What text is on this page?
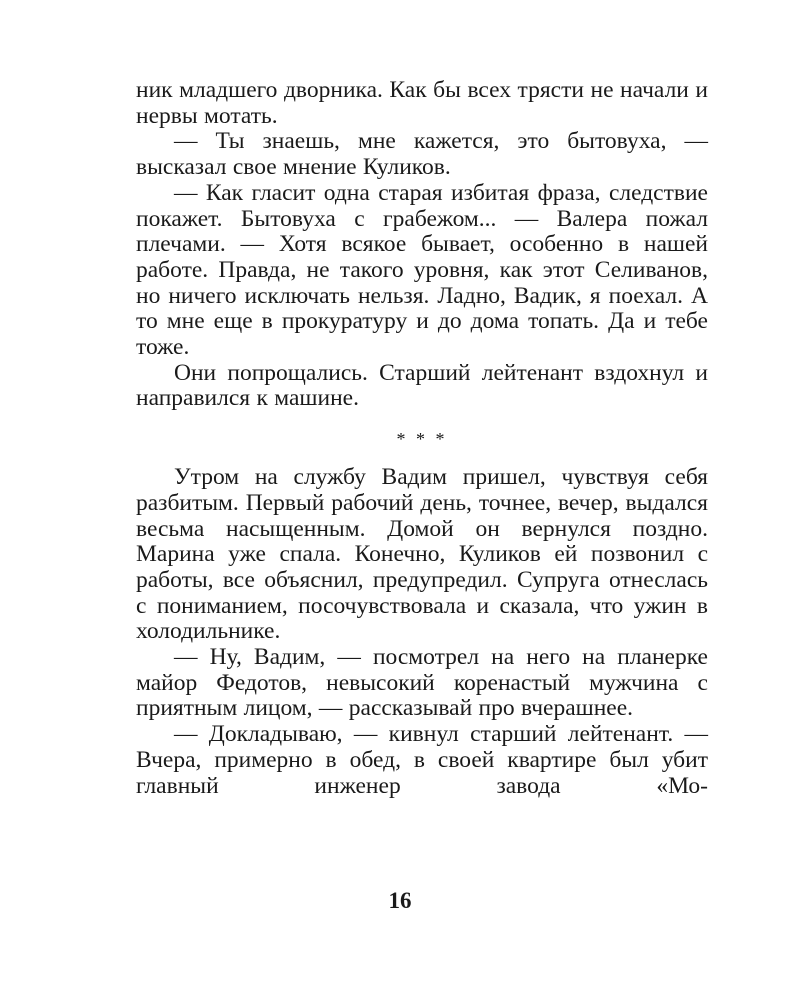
ник младшего дворника. Как бы всех трясти не начали и нервы мотать.

— Ты знаешь, мне кажется, это бытовуха, — высказал свое мнение Куликов.

— Как гласит одна старая избитая фраза, следствие покажет. Бытовуха с грабежом... — Валера пожал плечами. — Хотя всякое бывает, особенно в нашей работе. Правда, не такого уровня, как этот Селиванов, но ничего исключать нельзя. Ладно, Вадик, я поехал. А то мне еще в прокуратуру и до дома топать. Да и тебе тоже.

Они попрощались. Старший лейтенант вздохнул и направился к машине.

* * *

Утром на службу Вадим пришел, чувствуя себя разбитым. Первый рабочий день, точнее, вечер, выдался весьма насыщенным. Домой он вернулся поздно. Марина уже спала. Конечно, Куликов ей позвонил с работы, все объяснил, предупредил. Супруга отнеслась с пониманием, посочувствовала и сказала, что ужин в холодильнике.

— Ну, Вадим, — посмотрел на него на планерке майор Федотов, невысокий коренастый мужчина с приятным лицом, — рассказывай про вчерашнее.

— Докладываю, — кивнул старший лейтенант. — Вчера, примерно в обед, в своей квартире был убит главный инженер завода «Мо-

16
